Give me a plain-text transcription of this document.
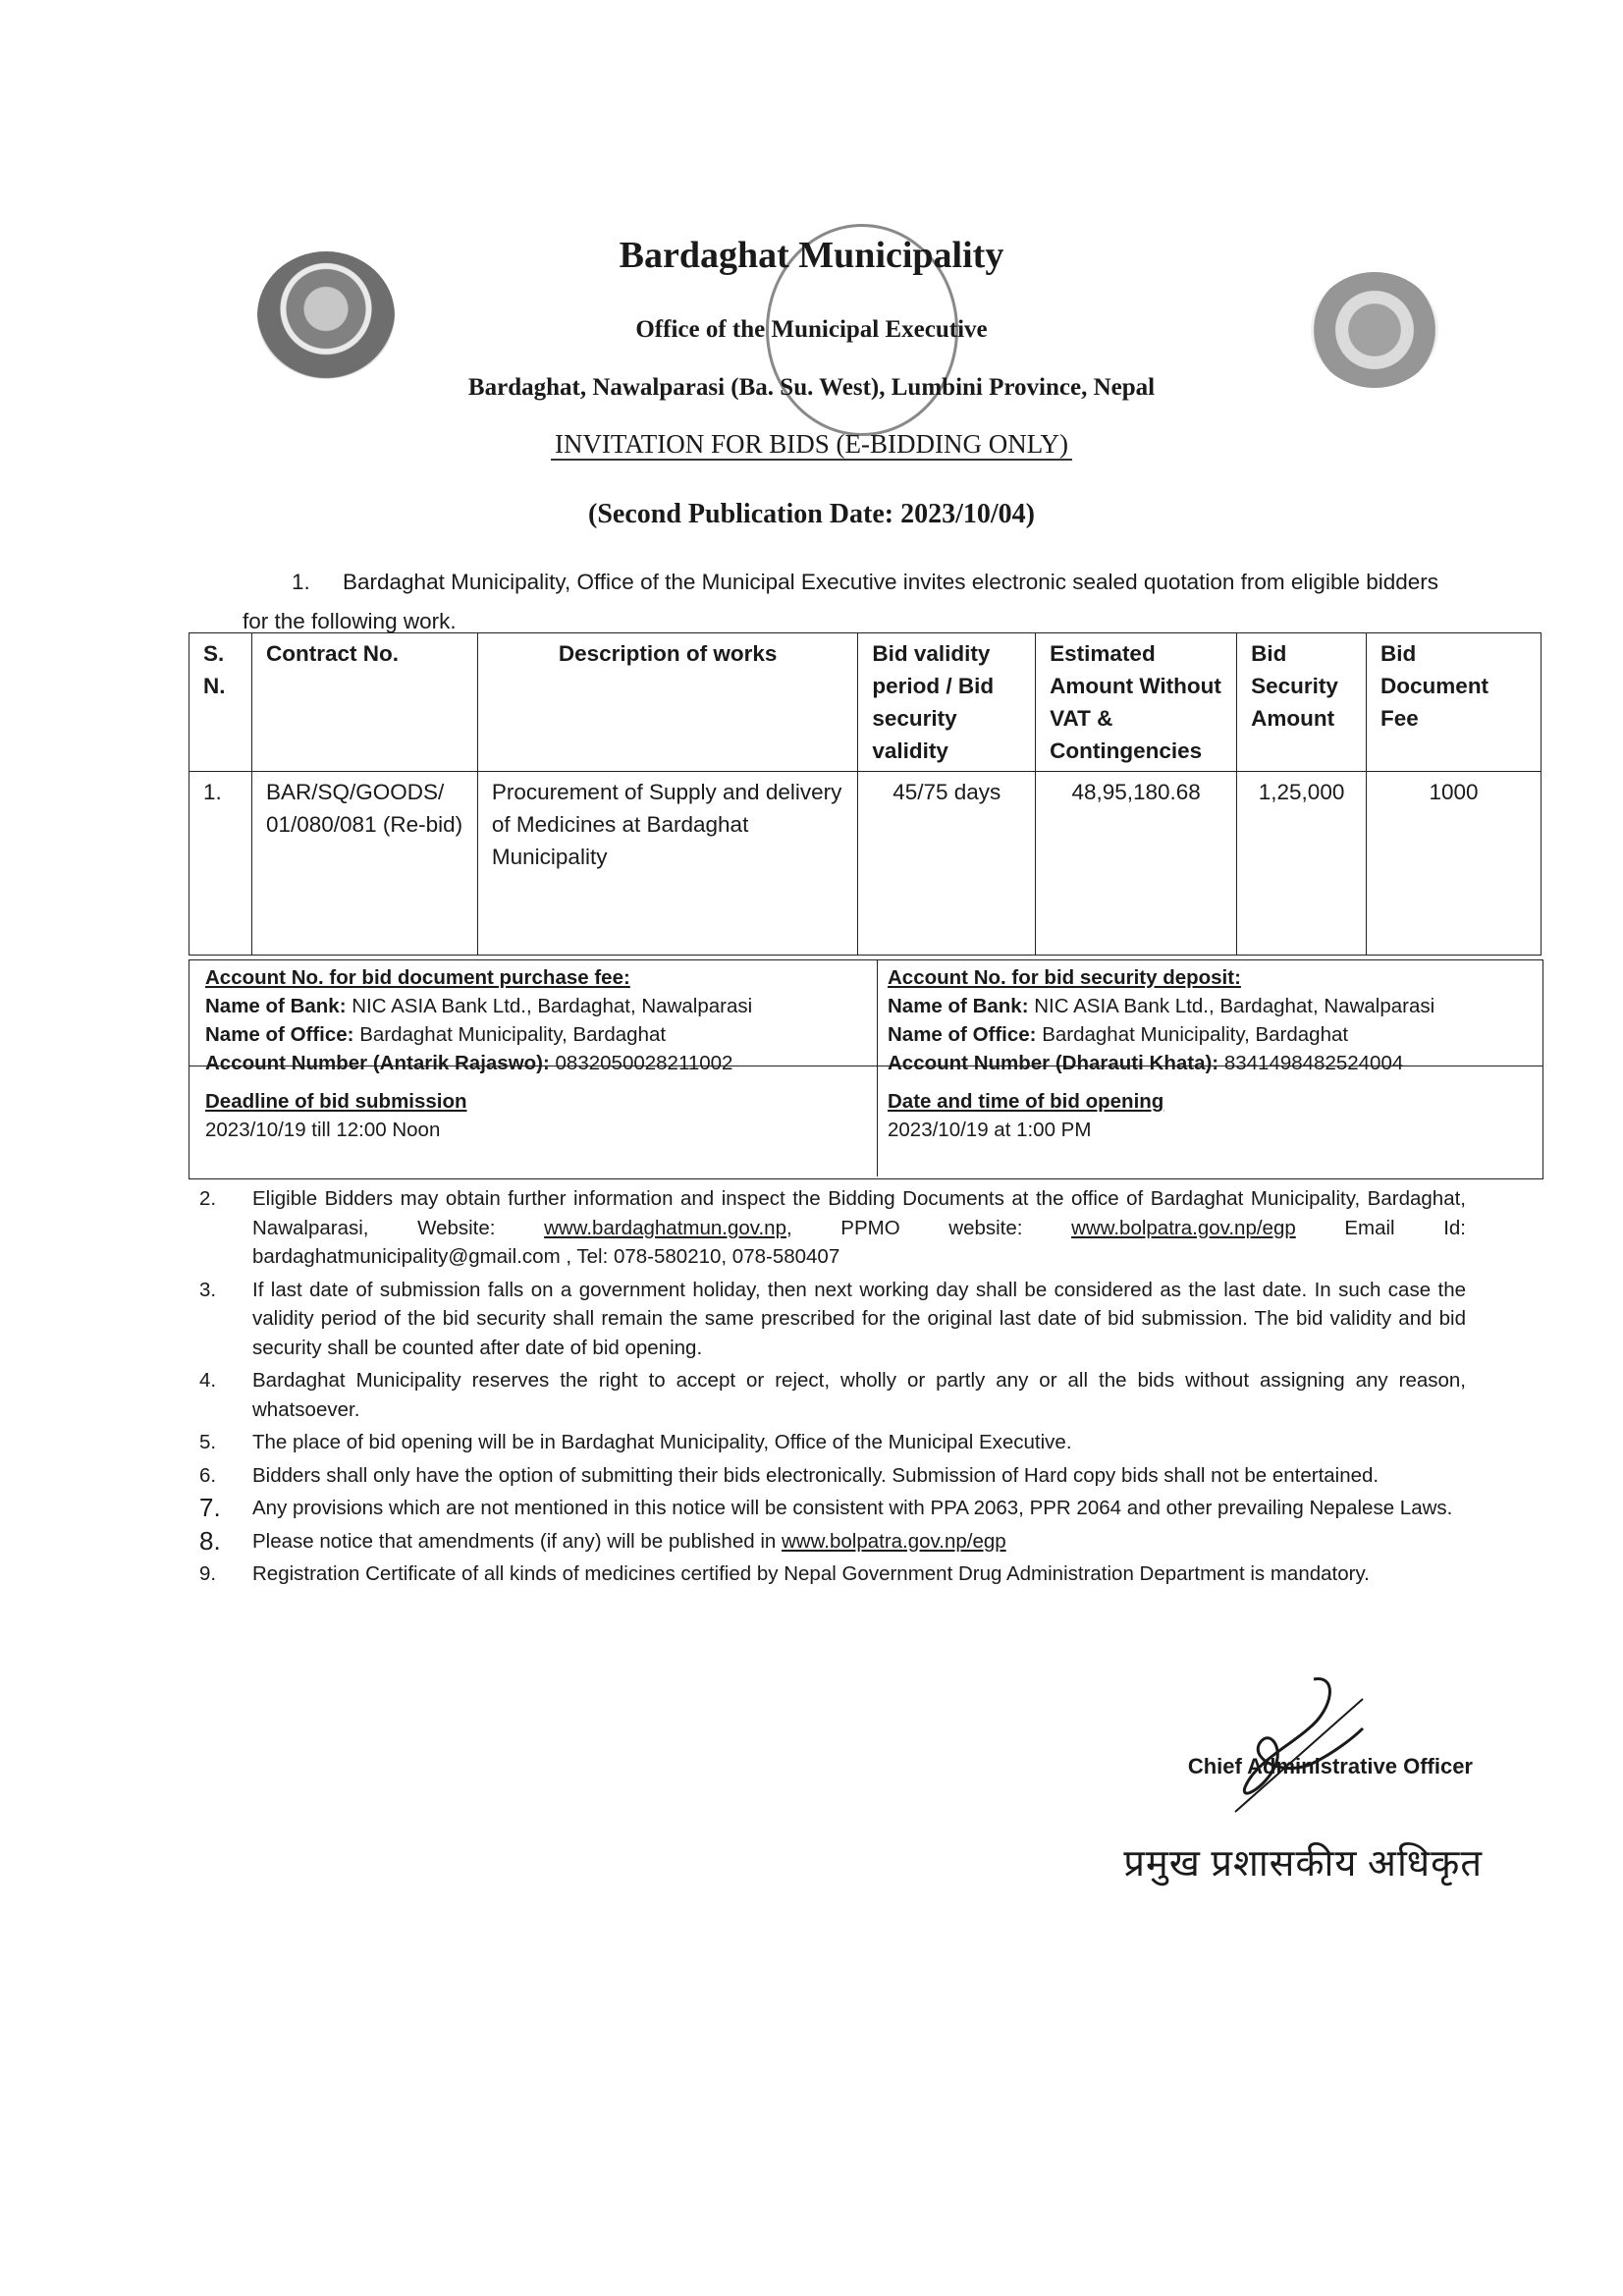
Bardaghat Municipality
Office of the Municipal Executive
Bardaghat, Nawalparasi (Ba. Su. West), Lumbini Province, Nepal
INVITATION FOR BIDS (E-BIDDING ONLY)
(Second Publication Date: 2023/10/04)
1. Bardaghat Municipality, Office of the Municipal Executive invites electronic sealed quotation from eligible bidders for the following work.
S. N.	Contract No.	Description of works	Bid validity period / Bid security validity	Estimated Amount Without VAT & Contingencies	Bid Security Amount	Bid Document Fee
1.	BAR/SQ/GOODS/ 01/080/081 (Re-bid)	Procurement of Supply and delivery of Medicines at Bardaghat Municipality	45/75 days	48,95,180.68	1,25,000	1000
Account No. for bid document purchase fee:
Name of Bank: NIC ASIA Bank Ltd., Bardaghat, Nawalparasi
Name of Office: Bardaghat Municipality, Bardaghat
Account Number (Antarik Rajaswo): 0832050028211002
Deadline of bid submission
2023/10/19 till 12:00 Noon
Account No. for bid security deposit:
Name of Bank: NIC ASIA Bank Ltd., Bardaghat, Nawalparasi
Name of Office: Bardaghat Municipality, Bardaghat
Account Number (Dharauti Khata): 8341498482524004
Date and time of bid opening
2023/10/19 at 1:00 PM
2.	Eligible Bidders may obtain further information and inspect the Bidding Documents at the office of Bardaghat Municipality, Bardaghat, Nawalparasi, Website: www.bardaghatmun.gov.np, PPMO website: www.bolpatra.gov.np/egp Email Id: bardaghatmunicipality@gmail.com , Tel: 078-580210, 078-580407
3.	If last date of submission falls on a government holiday, then next working day shall be considered as the last date. In such case the validity period of the bid security shall remain the same prescribed for the original last date of bid submission. The bid validity and bid security shall be counted after date of bid opening.
4.	Bardaghat Municipality reserves the right to accept or reject, wholly or partly any or all the bids without assigning any reason, whatsoever.
5.	The place of bid opening will be in Bardaghat Municipality, Office of the Municipal Executive.
6.	Bidders shall only have the option of submitting their bids electronically. Submission of Hard copy bids shall not be entertained.
7.	Any provisions which are not mentioned in this notice will be consistent with PPA 2063, PPR 2064 and other prevailing Nepalese Laws.
8.	Please notice that amendments (if any) will be published in www.bolpatra.gov.np/egp
9.	Registration Certificate of all kinds of medicines certified by Nepal Government Drug Administration Department is mandatory.
Chief Administrative Officer
प्रमुख प्रशासकीय अधिकृत
